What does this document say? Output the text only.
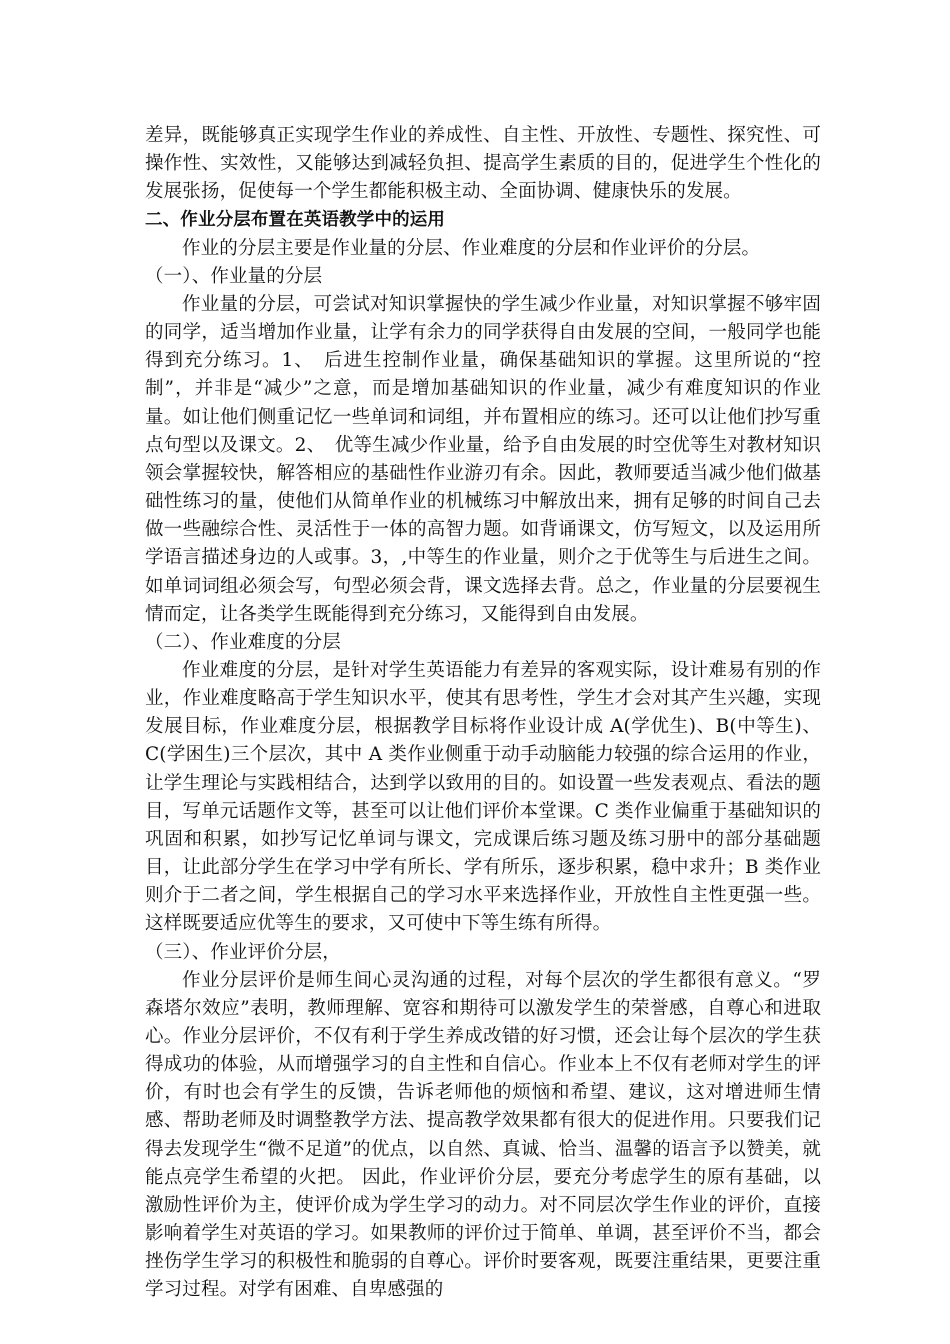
差异，既能够真正实现学生作业的养成性、自主性、开放性、专题性、探究性、可操作性、实效性，又能够达到减轻负担、提高学生素质的目的，促进学生个性化的发展张扬，促使每一个学生都能积极主动、全面协调、健康快乐的发展。

二、作业分层布置在英语教学中的运用

作业的分层主要是作业量的分层、作业难度的分层和作业评价的分层。

（一）、作业量的分层

作业量的分层，可尝试对知识掌握快的学生减少作业量，对知识掌握不够牢固的同学，适当增加作业量，让学有余力的同学获得自由发展的空间，一般同学也能得到充分练习。1、　后进生控制作业量，确保基础知识的掌握。这里所说的“控制”，并非是“减少”之意，而是增加基础知识的作业量，减少有难度知识的作业量。如让他们侧重记忆一些单词和词组，并布置相应的练习。还可以让他们抄写重点句型以及课文。2、　优等生减少作业量，给予自由发展的时空优等生对教材知识领会掌握较快，解答相应的基础性作业游刃有余。因此，教师要适当减少他们做基础性练习的量，使他们从简单作业的机械练习中解放出来，拥有足够的时间自己去做一些融综合性、灵活性于一体的高智力题。如背诵课文，仿写短文，以及运用所学语言描述身边的人或事。3，,中等生的作业量，则介之于优等生与后进生之间。如单词词组必须会写，句型必须会背，课文选择去背。总之，作业量的分层要视生情而定，让各类学生既能得到充分练习，又能得到自由发展。

（二）、作业难度的分层

作业难度的分层，是针对学生英语能力有差异的客观实际，设计难易有别的作业，作业难度略高于学生知识水平，使其有思考性，学生才会对其产生兴趣，实现发展目标，作业难度分层，根据教学目标将作业设计成 A(学优生)、B(中等生)、C(学困生)三个层次，其中 A 类作业侧重于动手动脑能力较强的综合运用的作业，让学生理论与实践相结合，达到学以致用的目的。如设置一些发表观点、看法的题目，写单元话题作文等，甚至可以让他们评价本堂课。C 类作业偏重于基础知识的巩固和积累，如抄写记忆单词与课文，完成课后练习题及练习册中的部分基础题目，让此部分学生在学习中学有所长、学有所乐，逐步积累，稳中求升；B 类作业则介于二者之间，学生根据自己的学习水平来选择作业，开放性自主性更强一些。 这样既要适应优等生的要求，又可使中下等生练有所得。

（三）、作业评价分层，

作业分层评价是师生间心灵沟通的过程，对每个层次的学生都很有意义。“罗森塔尔效应”表明，教师理解、宽容和期待可以激发学生的荣誉感，自尊心和进取心。作业分层评价，不仅有利于学生养成改错的好习惯，还会让每个层次的学生获得成功的体验，从而增强学习的自主性和自信心。作业本上不仅有老师对学生的评价，有时也会有学生的反馈，告诉老师他的烦恼和希望、建议，这对增进师生情感、帮助老师及时调整教学方法、提高教学效果都有很大的促进作用。只要我们记得去发现学生“微不足道”的优点，以自然、真诚、恰当、温馨的语言予以赞美，就能点亮学生希望的火把。 因此，作业评价分层，要充分考虑学生的原有基础，以激励性评价为主，使评价成为学生学习的动力。对不同层次学生作业的评价，直接影响着学生对英语的学习。如果教师的评价过于简单、单调，甚至评价不当，都会挫伤学生学习的积极性和脆弱的自尊心。评价时要客观，既要注重结果，更要注重学习过程。对学有困难、自卑感强的
